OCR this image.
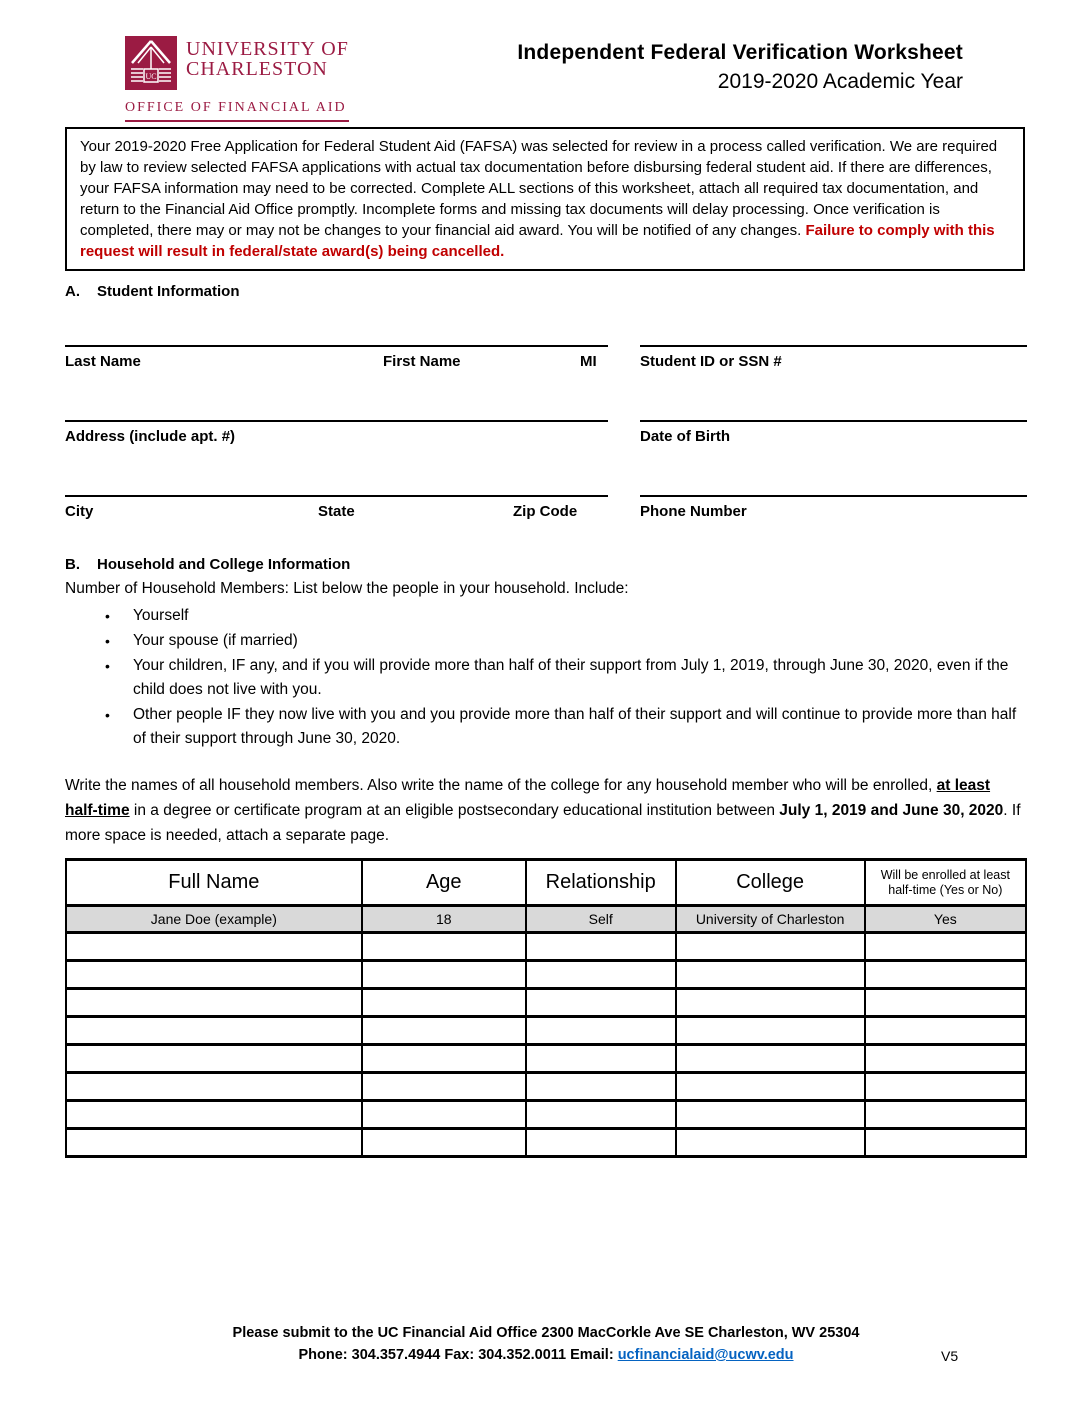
UC
UNIVERSITY OF
CHARLESTON
OFFICE OF FINANCIAL AID
Independent Federal Verification Worksheet
2019-2020 Academic Year
Your 2019-2020 Free Application for Federal Student Aid (FAFSA) was selected for review in a process called verification. We are required by law to review selected FAFSA applications with actual tax documentation before disbursing federal student aid. If there are differences, your FAFSA information may need to be corrected. Complete ALL sections of this worksheet, attach all required tax documentation, and return to the Financial Aid Office promptly. Incomplete forms and missing tax documents will delay processing. Once verification is completed, there may or may not be changes to your financial aid award. You will be notified of any changes. Failure to comply with this request will result in federal/state award(s) being cancelled.
A. Student Information
Last Name	First Name	MI	Student ID or SSN #
Address (include apt. #)	Date of Birth
City	State	Zip Code	Phone Number
B. Household and College Information
Number of Household Members: List below the people in your household. Include:
• Yourself
• Your spouse (if married)
• Your children, IF any, and if you will provide more than half of their support from July 1, 2019, through June 30, 2020, even if the child does not live with you.
• Other people IF they now live with you and you provide more than half of their support and will continue to provide more than half of their support through June 30, 2020.
Write the names of all household members. Also write the name of the college for any household member who will be enrolled, at least half-time in a degree or certificate program at an eligible postsecondary educational institution between July 1, 2019 and June 30, 2020. If more space is needed, attach a separate page.
Full Name	Age	Relationship	College	Will be enrolled at least half-time (Yes or No)
Jane Doe (example)	18	Self	University of Charleston	Yes

Please submit to the UC Financial Aid Office 2300 MacCorkle Ave SE Charleston, WV 25304
Phone: 304.357.4944 Fax: 304.352.0011 Email: ucfinancialaid@ucwv.edu	V5
